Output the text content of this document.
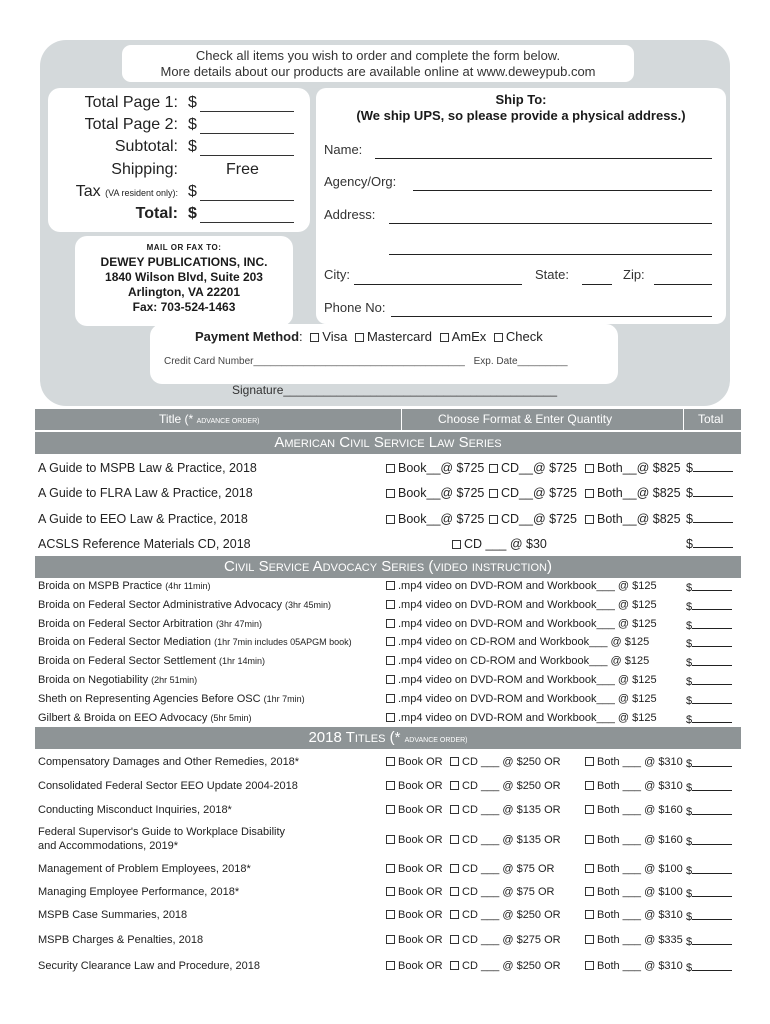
Check all items you wish to order and complete the form below.
More details about our products are available online at www.deweypub.com
Total Page 1: $
Total Page 2: $
Subtotal: $
Shipping:	Free
Tax (VA resident only): $
Total: $
MAIL OR FAX TO:
DEWEY PUBLICATIONS, INC.
1840 Wilson Blvd, Suite 203
Arlington, VA 22201
Fax: 703-524-1463
Ship To:
(We ship UPS, so please provide a physical address.)
Name:
Agency/Org:
Address:
City:	State:	Zip:
Phone No:
Payment Method: Visa Mastercard AmEx Check
Credit Card Number______________________________________ Exp. Date_________
Signature_________________________________________
Title (* ADVANCE ORDER)	Choose Format & Enter Quantity	Total
American Civil Service Law Series
A Guide to MSPB Law & Practice, 2018	Book__@ $725	CD__@ $725	Both__@ $825 $
A Guide to FLRA Law & Practice, 2018	Book__@ $725	CD__@ $725	Both__@ $825 $
A Guide to EEO Law & Practice, 2018	Book__@ $725	CD__@ $725	Both__@ $825 $
ACSLS Reference Materials CD, 2018	CD ___ @ $30	$
Civil Service Advocacy Series (video instruction)
Broida on MSPB Practice (4hr 11min)	.mp4 video on DVD-ROM and Workbook___ @ $125	$
Broida on Federal Sector Administrative Advocacy (3hr 45min)	.mp4 video on DVD-ROM and Workbook___ @ $125	$
Broida on Federal Sector Arbitration (3hr 47min)	.mp4 video on DVD-ROM and Workbook___ @ $125	$
Broida on Federal Sector Mediation (1hr 7min includes 05APGM book)	.mp4 video on CD-ROM and Workbook___ @ $125	$
Broida on Federal Sector Settlement (1hr 14min)	.mp4 video on CD-ROM and Workbook___ @ $125	$
Broida on Negotiability (2hr 51min)	.mp4 video on DVD-ROM and Workbook___ @ $125	$
Sheth on Representing Agencies Before OSC (1hr 7min)	.mp4 video on DVD-ROM and Workbook___ @ $125	$
Gilbert & Broida on EEO Advocacy (5hr 5min)	.mp4 video on DVD-ROM and Workbook___ @ $125	$
2018 Titles (* ADVANCE ORDER)
Compensatory Damages and Other Remedies, 2018*	Book OR	CD ___ @ $250 OR	Both ___ @ $310 $
Consolidated Federal Sector EEO Update 2004-2018	Book OR	CD ___ @ $250 OR	Both ___ @ $310 $
Conducting Misconduct Inquiries, 2018*	Book OR	CD ___ @ $135 OR	Both ___ @ $160 $
Federal Supervisor's Guide to Workplace Disability
and Accommodations, 2019*	Book OR	CD ___ @ $135 OR	Both ___ @ $160 $
Management of Problem Employees, 2018*	Book OR	CD ___ @ $75 OR	Both ___ @ $100 $
Managing Employee Performance, 2018*	Book OR	CD ___ @ $75 OR	Both ___ @ $100 $
MSPB Case Summaries, 2018	Book OR	CD ___ @ $250 OR	Both ___ @ $310 $
MSPB Charges & Penalties, 2018	Book OR	CD ___ @ $275 OR	Both ___ @ $335 $
Security Clearance Law and Procedure, 2018	Book OR	CD ___ @ $250 OR	Both ___ @ $310 $
